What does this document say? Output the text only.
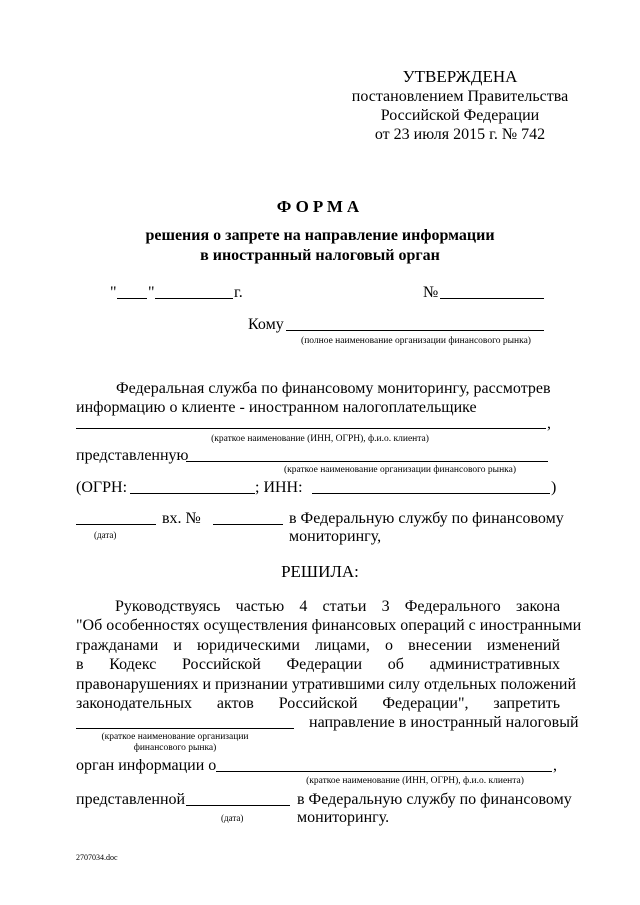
УТВЕРЖДЕНА
постановлением Правительства
Российской Федерации
от 23 июля 2015 г. № 742
ФОРМА
решения о запрете на направление информации
в иностранный налоговый орган
" "	г.	№
Кому
(полное наименование организации финансового рынка)
Федеральная служба по финансовому мониторингу, рассмотрев
информацию о клиенте - иностранном налогоплательщике
,
(краткое наименование (ИНН, ОГРН), ф.и.о. клиента)
представленную
(краткое наименование организации финансового рынка)
(ОГРН:	; ИНН:	)
вх. №	в Федеральную службу по финансовому
(дата)	мониторингу,
РЕШИЛА:
Руководствуясь частью 4 статьи 3 Федерального закона
"Об особенностях осуществления финансовых операций с иностранными
гражданами и юридическими лицами, о внесении изменений
в Кодекс Российской Федерации об административных
правонарушениях и признании утратившими силу отдельных положений
законодательных актов Российской Федерации", запретить
направление в иностранный налоговый
(краткое наименование организации
финансового рынка)
орган информации о	,
(краткое наименование (ИНН, ОГРН), ф.и.о. клиента)
представленной	в Федеральную службу по финансовому
(дата)	мониторингу.
2707034.doc
